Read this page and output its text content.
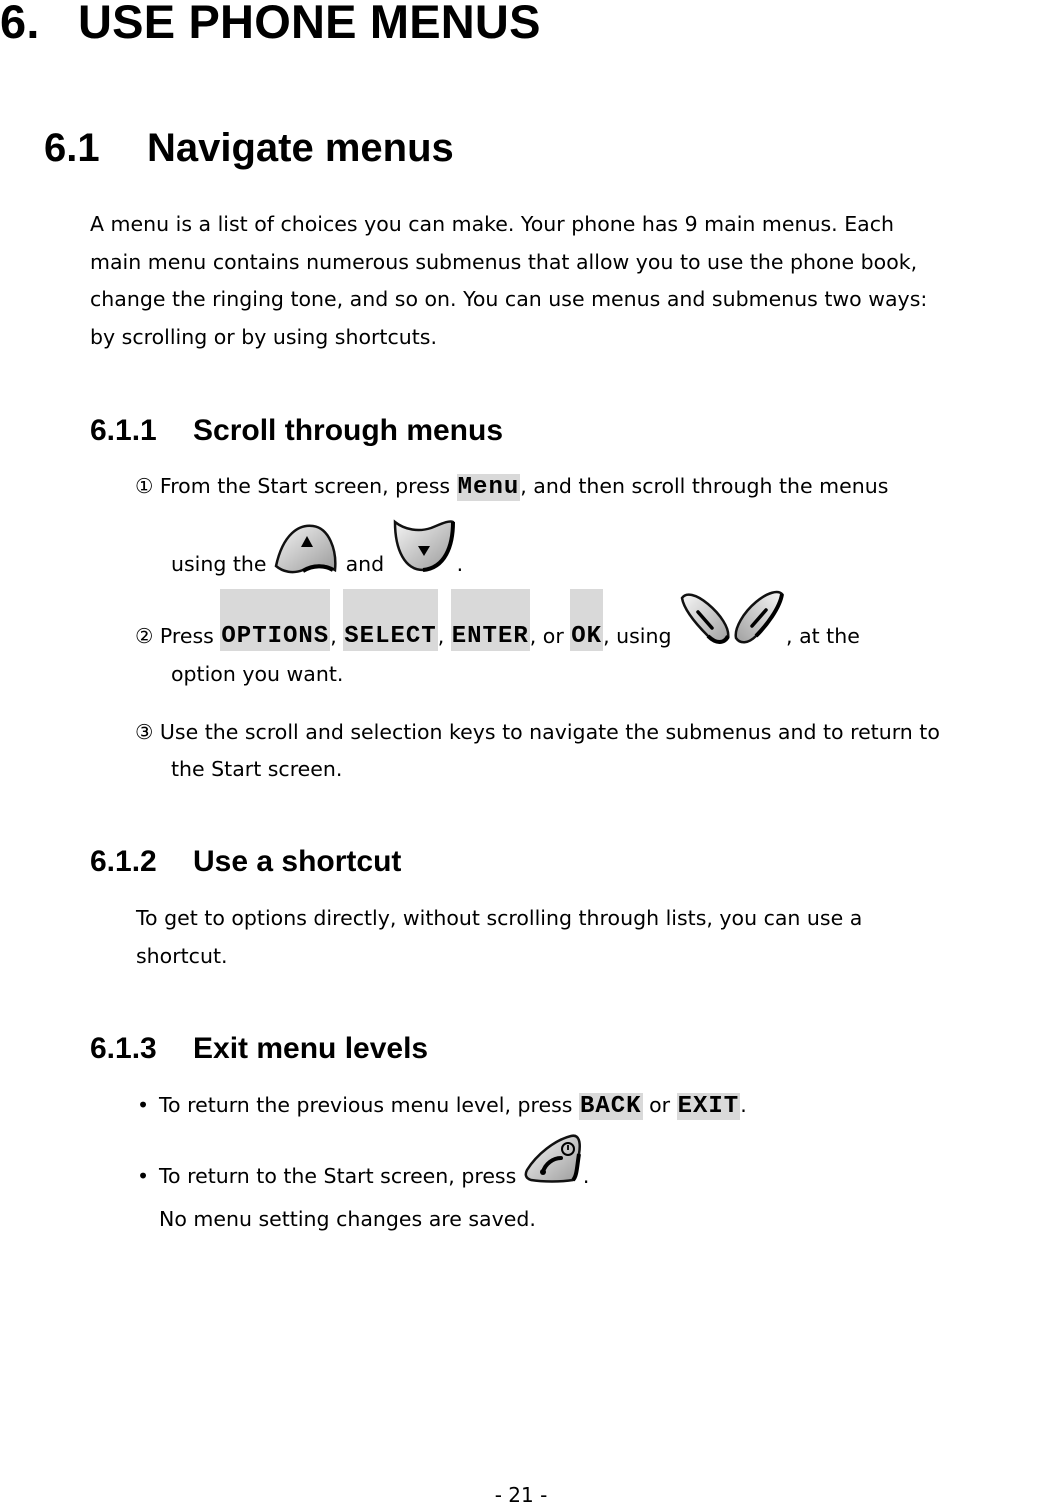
6. USE PHONE MENUS
6.1 Navigate menus
A menu is a list of choices you can make. Your phone has 9 main menus. Each
main menu contains numerous submenus that allow you to use the phone book,
change the ringing tone, and so on. You can use menus and submenus two ways:
by scrolling or by using shortcuts.
6.1.1 Scroll through menus
① From the Start screen, press Menu, and then scroll through the menus
using the	and	.
② Press OPTIONS, SELECT, ENTER, or OK, using	, at the
option you want.
③ Use the scroll and selection keys to navigate the submenus and to return to
the Start screen.
6.1.2 Use a shortcut
To get to options directly, without scrolling through lists, you can use a
shortcut.
6.1.3 Exit menu levels
• To return the previous menu level, press BACK or EXIT.
• To return to the Start screen, press	.
No menu setting changes are saved.
- 21 -
